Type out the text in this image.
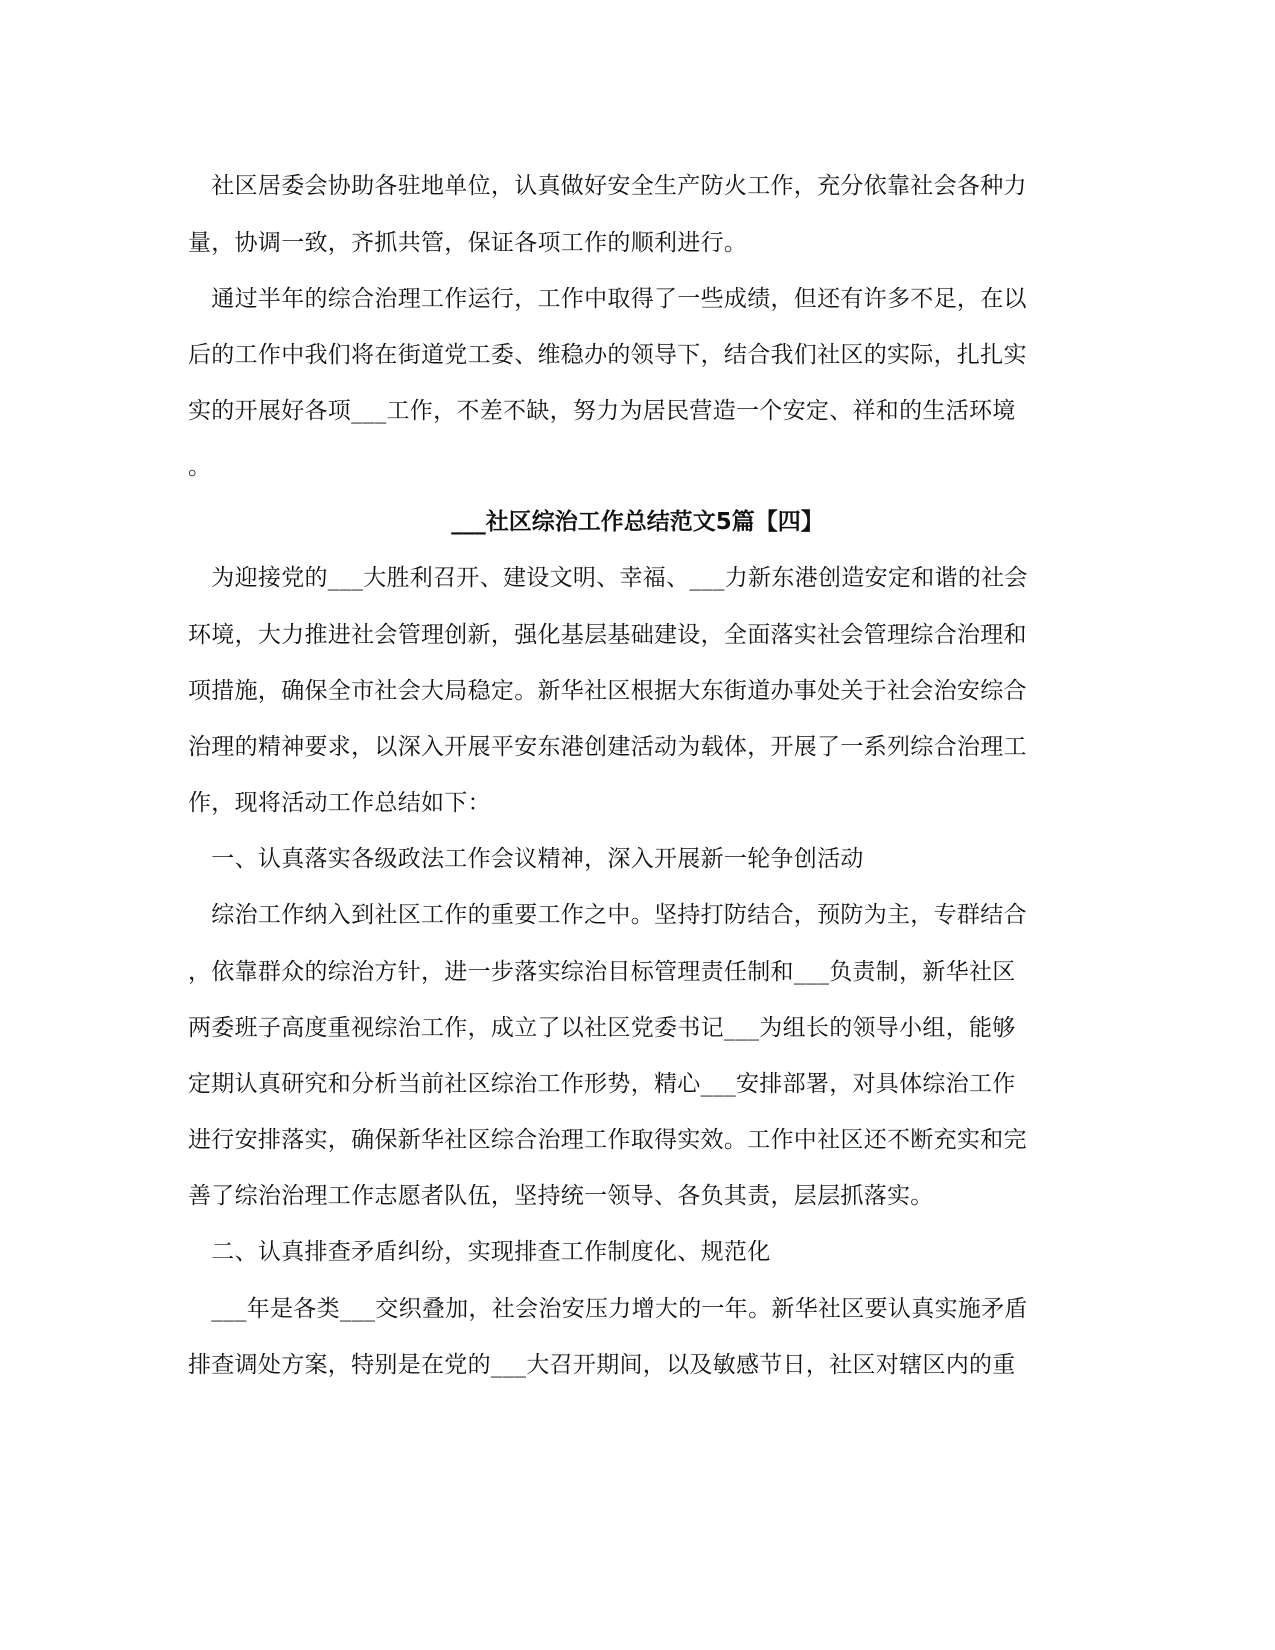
　社区居委会协助各驻地单位，认真做好安全生产防火工作，充分依靠社会各种力
量，协调一致，齐抓共管，保证各项工作的顺利进行。
　通过半年的综合治理工作运行，工作中取得了一些成绩，但还有许多不足，在以
后的工作中我们将在街道党工委、维稳办的领导下，结合我们社区的实际，扎扎实
实的开展好各项___工作，不差不缺，努力为居民营造一个安定、祥和的生活环境
。
___社区综治工作总结范文5篇【四】
　为迎接党的___大胜利召开、建设文明、幸福、___力新东港创造安定和谐的社会
环境，大力推进社会管理创新，强化基层基础建设，全面落实社会管理综合治理和
项措施，确保全市社会大局稳定。新华社区根据大东街道办事处关于社会治安综合
治理的精神要求，以深入开展平安东港创建活动为载体，开展了一系列综合治理工
作，现将活动工作总结如下：
　一、认真落实各级政法工作会议精神，深入开展新一轮争创活动
　综治工作纳入到社区工作的重要工作之中。坚持打防结合，预防为主，专群结合
，依靠群众的综治方针，进一步落实综治目标管理责任制和___负责制，新华社区
两委班子高度重视综治工作，成立了以社区党委书记___为组长的领导小组，能够
定期认真研究和分析当前社区综治工作形势，精心___安排部署，对具体综治工作
进行安排落实，确保新华社区综合治理工作取得实效。工作中社区还不断充实和完
善了综治治理工作志愿者队伍，坚持统一领导、各负其责，层层抓落实。
　二、认真排查矛盾纠纷，实现排查工作制度化、规范化
　___年是各类___交织叠加，社会治安压力增大的一年。新华社区要认真实施矛盾
排查调处方案，特别是在党的___大召开期间，以及敏感节日，社区对辖区内的重
